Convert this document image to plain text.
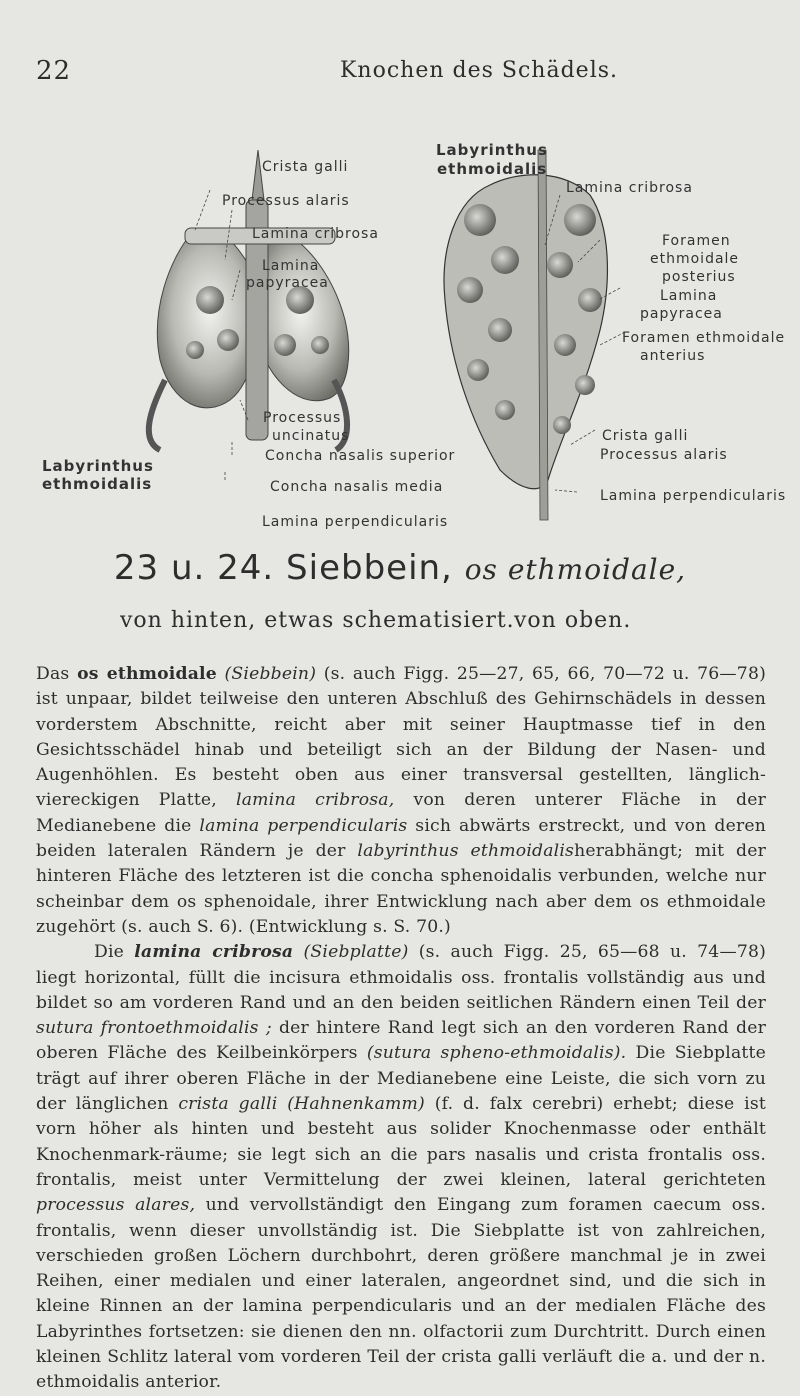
22	Knochen des Schädels.
Crista galli
Processus alaris
Lamina cribrosa
Lamina
papyracea
Processus
uncinatus
Concha nasalis superior
Labyrinthus
ethmoidalis	Concha nasalis media
Lamina perpendicularis
Labyrinthus
ethmoidalis
Lamina cribrosa
Foramen
ethmoidale
posterius
Lamina
papyracea
Foramen ethmoidale
anterius
Crista galli
Processus alaris
Lamina perpendicularis
23 u. 24. Siebbein, os ethmoidale,
von hinten, etwas schematisiert. von oben.

Das os ethmoidale (Siebbein) (s. auch Figg. 25—27, 65, 66, 70—72 u. 76—78) ist unpaar, bildet teilweise den unteren Abschluß des Gehirnschädels in dessen vorderstem Abschnitte, reicht aber mit seiner Hauptmasse tief in den Gesichtsschädel hinab und beteiligt sich an der Bildung der Nasen- und Augenhöhlen. Es besteht oben aus einer transversal gestellten, länglich-viereckigen Platte, lamina cribrosa, von deren unterer Fläche in der Medianebene die lamina perpendicularis sich abwärts erstreckt, und von deren beiden lateralen Rändern je der labyrinthus ethmoidalisherabhängt; mit der hinteren Fläche des letzteren ist die concha sphenoidalis verbunden, welche nur scheinbar dem os sphenoidale, ihrer Entwicklung nach aber dem os ethmoidale zugehört (s. auch S. 6). (Entwicklung s. S. 70.)

Die lamina cribrosa (Siebplatte) (s. auch Figg. 25, 65—68 u. 74—78) liegt horizontal, füllt die incisura ethmoidalis oss. frontalis vollständig aus und bildet so am vorderen Rand und an den beiden seitlichen Rändern einen Teil der sutura frontoethmoidalis ; der hintere Rand legt sich an den vorderen Rand der oberen Fläche des Keilbeinkörpers (sutura spheno-ethmoidalis). Die Siebplatte trägt auf ihrer oberen Fläche in der Medianebene eine Leiste, die sich vorn zu der länglichen crista galli (Hahnenkamm) (f. d. falx cerebri) erhebt; diese ist vorn höher als hinten und besteht aus solider Knochenmasse oder enthält Knochenmark-räume; sie legt sich an die pars nasalis und crista frontalis oss. frontalis, meist unter Vermittelung der zwei kleinen, lateral gerichteten processus alares, und vervollständigt den Eingang zum foramen caecum oss. frontalis, wenn dieser unvollständig ist. Die Siebplatte ist von zahlreichen, verschieden großen Löchern durchbohrt, deren größere manchmal je in zwei Reihen, einer medialen und einer lateralen, angeordnet sind, und die sich in kleine Rinnen an der lamina perpendicularis und an der medialen Fläche des Labyrinthes fortsetzen: sie dienen den nn. olfactorii zum Durchtritt. Durch einen kleinen Schlitz lateral vom vorderen Teil der crista galli verläuft die a. und der n. ethmoidalis anterior.
